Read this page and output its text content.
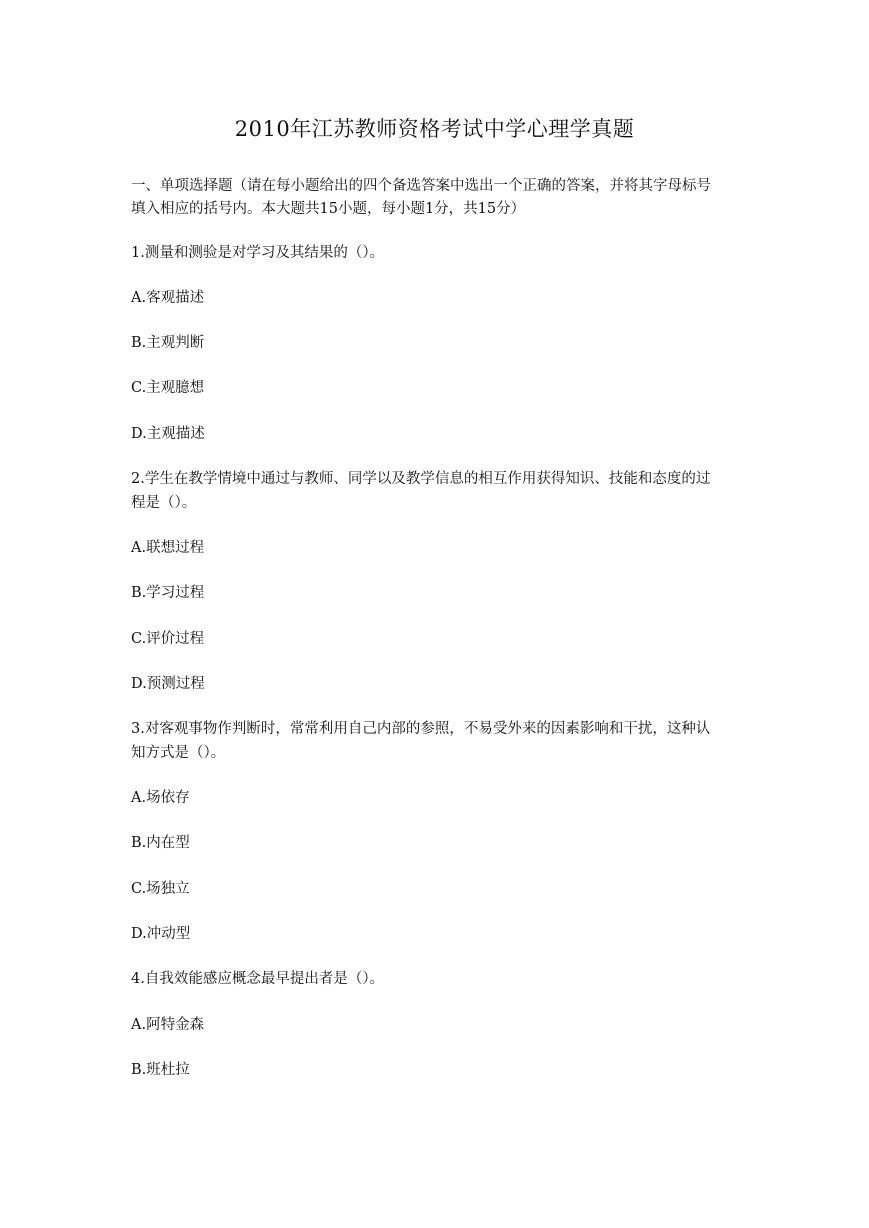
2010年江苏教师资格考试中学心理学真题
一、单项选择题（请在每小题给出的四个备选答案中选出一个正确的答案，并将其字母标号
填入相应的括号内。本大题共15小题，每小题1分，共15分）
1.测量和测验是对学习及其结果的（）。
A.客观描述
B.主观判断
C.主观臆想
D.主观描述
2.学生在教学情境中通过与教师、同学以及教学信息的相互作用获得知识、技能和态度的过
程是（）。
A.联想过程
B.学习过程
C.评价过程
D.预测过程
3.对客观事物作判断时，常常利用自己内部的参照，不易受外来的因素影响和干扰，这种认
知方式是（）。
A.场依存
B.内在型
C.场独立
D.冲动型
4.自我效能感应概念最早提出者是（）。
A.阿特金森
B.班杜拉
